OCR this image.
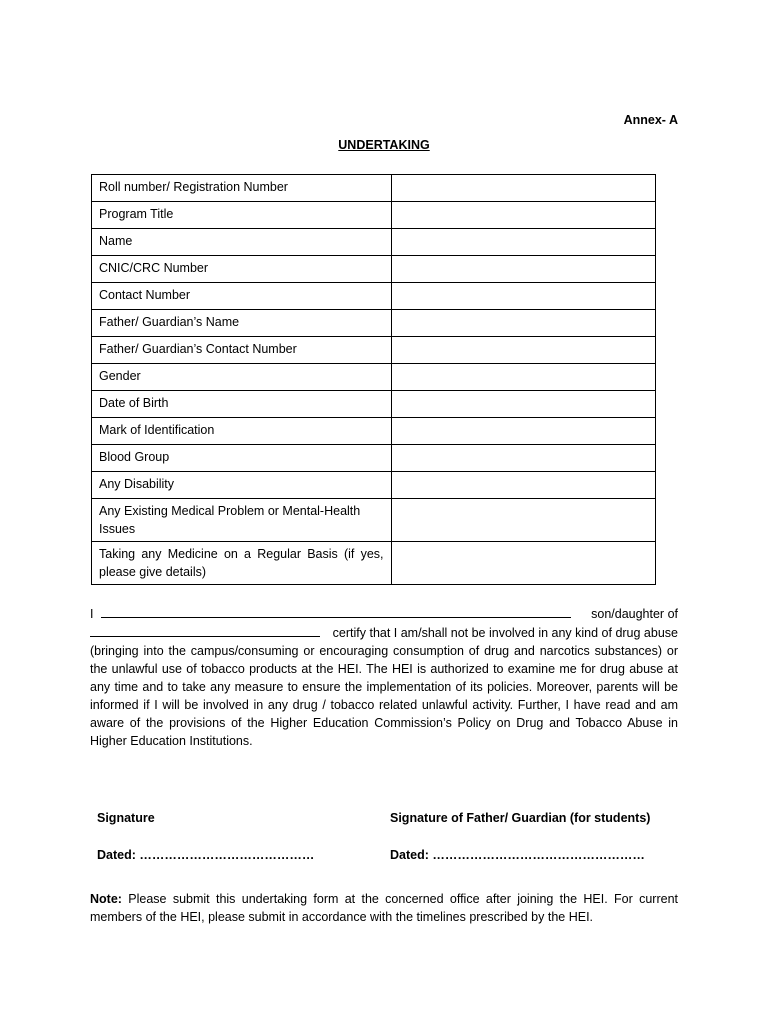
Annex- A
UNDERTAKING
Roll number/ Registration Number	
Program Title	
Name	
CNIC/CRC Number	
Contact Number	
Father/ Guardian’s Name	
Father/ Guardian’s Contact Number	
Gender	
Date of Birth	
Mark of Identification	
Blood Group	
Any Disability	
Any Existing Medical Problem or Mental-Health Issues	
Taking any Medicine on a Regular Basis (if yes, please give details)	
I	son/daughter of
certify that I am/shall not be involved in any kind of drug abuse
(bringing into the campus/consuming or encouraging consumption of drug and narcotics substances) or the unlawful use of tobacco products at the HEI. The HEI is authorized to examine me for drug abuse at any time and to take any measure to ensure the implementation of its policies. Moreover, parents will be informed if I will be involved in any drug / tobacco related unlawful activity. Further, I have read and am aware of the provisions of the Higher Education Commission’s Policy on Drug and Tobacco Abuse in Higher Education Institutions.
Signature	Signature of Father/ Guardian (for students)
Dated: ……………………………………	Dated: ……………………………………………
Note: Please submit this undertaking form at the concerned office after joining the HEI. For current members of the HEI, please submit in accordance with the timelines prescribed by the HEI.
